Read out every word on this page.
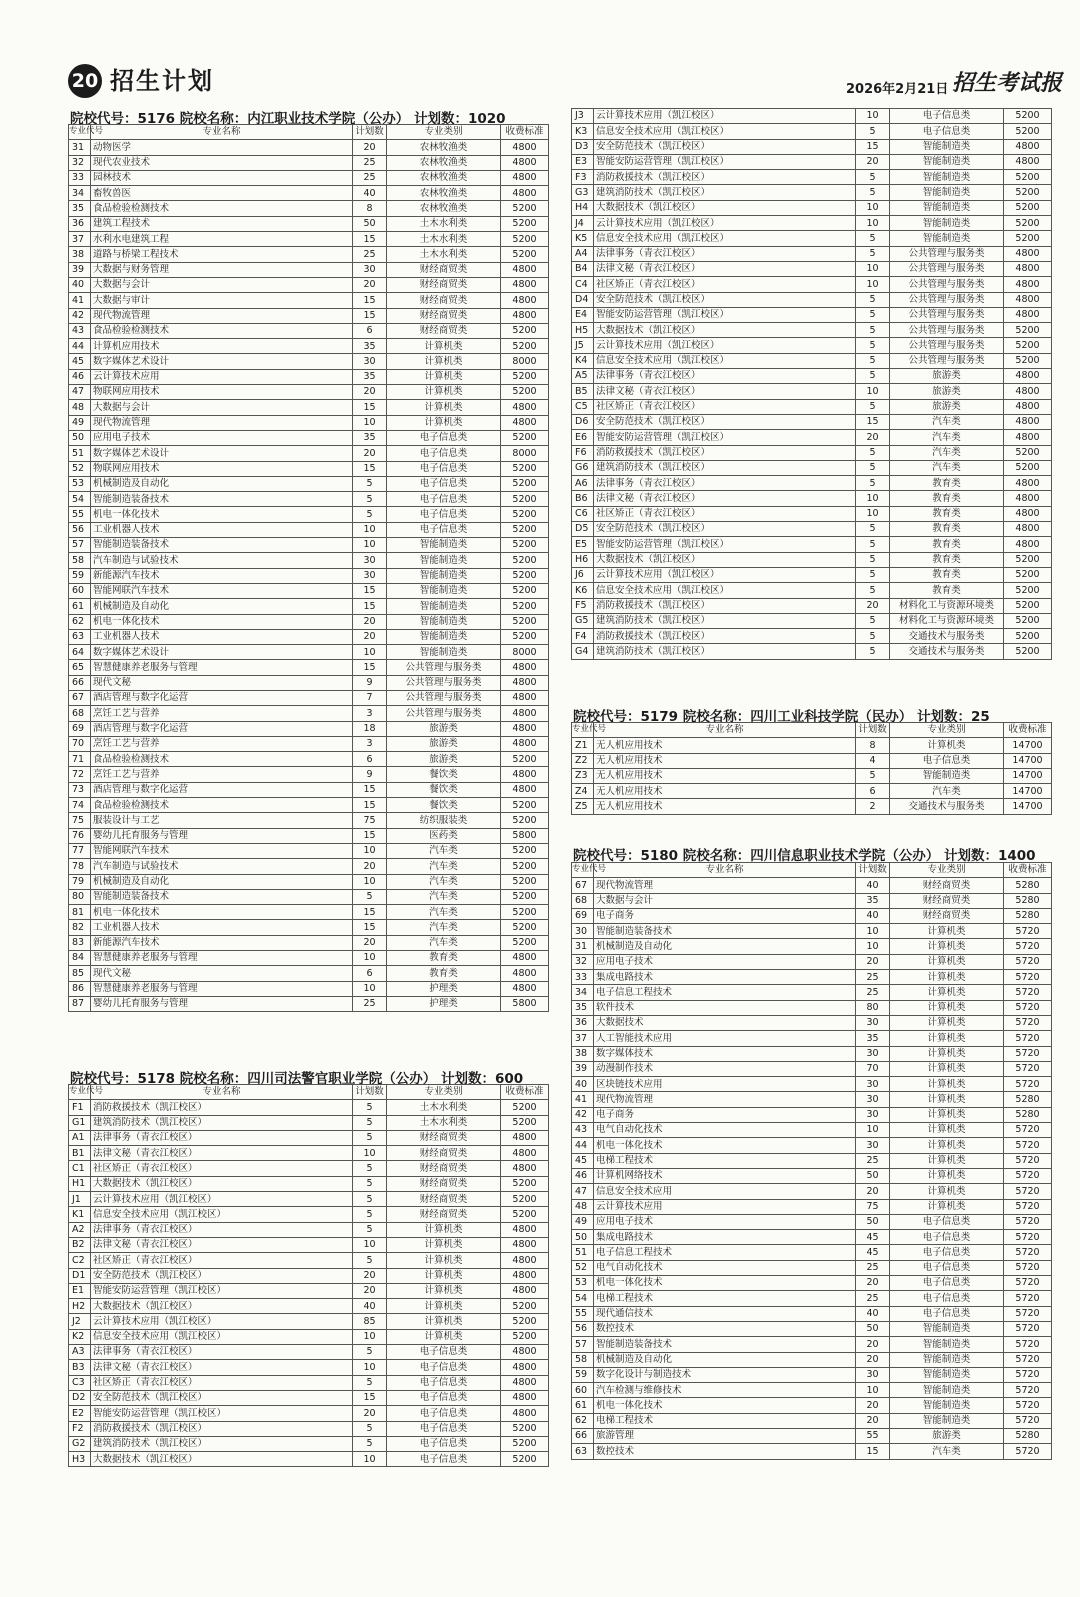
20 招生计划	2026年2月21日 招生考试报
院校代号：5176 院校名称：内江职业技术学院（公办） 计划数：1020
专业代号	专业名称	计划数	专业类别	收费标准
31	动物医学	20	农林牧渔类	4800
32	现代农业技术	25	农林牧渔类	4800
33	园林技术	25	农林牧渔类	4800
34	畜牧兽医	40	农林牧渔类	4800
35	食品检验检测技术	8	农林牧渔类	5200
36	建筑工程技术	50	土木水利类	5200
37	水利水电建筑工程	15	土木水利类	5200
38	道路与桥梁工程技术	25	土木水利类	5200
39	大数据与财务管理	30	财经商贸类	4800
40	大数据与会计	20	财经商贸类	4800
41	大数据与审计	15	财经商贸类	4800
42	现代物流管理	15	财经商贸类	4800
43	食品检验检测技术	6	财经商贸类	5200
44	计算机应用技术	35	计算机类	5200
45	数字媒体艺术设计	30	计算机类	8000
46	云计算技术应用	35	计算机类	5200
47	物联网应用技术	20	计算机类	5200
48	大数据与会计	15	计算机类	4800
49	现代物流管理	10	计算机类	4800
50	应用电子技术	35	电子信息类	5200
51	数字媒体艺术设计	20	电子信息类	8000
52	物联网应用技术	15	电子信息类	5200
53	机械制造及自动化	5	电子信息类	5200
54	智能制造装备技术	5	电子信息类	5200
55	机电一体化技术	5	电子信息类	5200
56	工业机器人技术	10	电子信息类	5200
57	智能制造装备技术	10	智能制造类	5200
58	汽车制造与试验技术	30	智能制造类	5200
59	新能源汽车技术	30	智能制造类	5200
60	智能网联汽车技术	15	智能制造类	5200
61	机械制造及自动化	15	智能制造类	5200
62	机电一体化技术	20	智能制造类	5200
63	工业机器人技术	20	智能制造类	5200
64	数字媒体艺术设计	10	智能制造类	8000
65	智慧健康养老服务与管理	15	公共管理与服务类	4800
66	现代文秘	9	公共管理与服务类	4800
67	酒店管理与数字化运营	7	公共管理与服务类	4800
68	烹饪工艺与营养	3	公共管理与服务类	4800
69	酒店管理与数字化运营	18	旅游类	4800
70	烹饪工艺与营养	3	旅游类	4800
71	食品检验检测技术	6	旅游类	5200
72	烹饪工艺与营养	9	餐饮类	4800
73	酒店管理与数字化运营	15	餐饮类	4800
74	食品检验检测技术	15	餐饮类	5200
75	服装设计与工艺	75	纺织服装类	5200
76	婴幼儿托育服务与管理	15	医药类	5800
77	智能网联汽车技术	10	汽车类	5200
78	汽车制造与试验技术	20	汽车类	5200
79	机械制造及自动化	10	汽车类	5200
80	智能制造装备技术	5	汽车类	5200
81	机电一体化技术	15	汽车类	5200
82	工业机器人技术	15	汽车类	5200
83	新能源汽车技术	20	汽车类	5200
84	智慧健康养老服务与管理	10	教育类	4800
85	现代文秘	6	教育类	4800
86	智慧健康养老服务与管理	10	护理类	4800
87	婴幼儿托育服务与管理	25	护理类	5800
院校代号：5178 院校名称：四川司法警官职业学院（公办） 计划数：600
专业代号	专业名称	计划数	专业类别	收费标准
F1	消防救援技术（凯江校区）	5	土木水利类	5200
G1	建筑消防技术（凯江校区）	5	土木水利类	5200
A1	法律事务（青衣江校区）	5	财经商贸类	4800
B1	法律文秘（青衣江校区）	10	财经商贸类	4800
C1	社区矫正（青衣江校区）	5	财经商贸类	4800
H1	大数据技术（凯江校区）	5	财经商贸类	5200
J1	云计算技术应用（凯江校区）	5	财经商贸类	5200
K1	信息安全技术应用（凯江校区）	5	财经商贸类	5200
A2	法律事务（青衣江校区）	5	计算机类	4800
B2	法律文秘（青衣江校区）	10	计算机类	4800
C2	社区矫正（青衣江校区）	5	计算机类	4800
D1	安全防范技术（凯江校区）	20	计算机类	4800
E1	智能安防运营管理（凯江校区）	20	计算机类	4800
H2	大数据技术（凯江校区）	40	计算机类	5200
J2	云计算技术应用（凯江校区）	85	计算机类	5200
K2	信息安全技术应用（凯江校区）	10	计算机类	5200
A3	法律事务（青衣江校区）	5	电子信息类	4800
B3	法律文秘（青衣江校区）	10	电子信息类	4800
C3	社区矫正（青衣江校区）	5	电子信息类	4800
D2	安全防范技术（凯江校区）	15	电子信息类	4800
E2	智能安防运营管理（凯江校区）	20	电子信息类	4800
F2	消防救援技术（凯江校区）	5	电子信息类	5200
G2	建筑消防技术（凯江校区）	5	电子信息类	5200
H3	大数据技术（凯江校区）	10	电子信息类	5200
J3	云计算技术应用（凯江校区）	10	电子信息类	5200
K3	信息安全技术应用（凯江校区）	5	电子信息类	5200
D3	安全防范技术（凯江校区）	15	智能制造类	4800
E3	智能安防运营管理（凯江校区）	20	智能制造类	4800
F3	消防救援技术（凯江校区）	5	智能制造类	5200
G3	建筑消防技术（凯江校区）	5	智能制造类	5200
H4	大数据技术（凯江校区）	10	智能制造类	5200
J4	云计算技术应用（凯江校区）	10	智能制造类	5200
K5	信息安全技术应用（凯江校区）	5	智能制造类	5200
A4	法律事务（青衣江校区）	5	公共管理与服务类	4800
B4	法律文秘（青衣江校区）	10	公共管理与服务类	4800
C4	社区矫正（青衣江校区）	10	公共管理与服务类	4800
D4	安全防范技术（凯江校区）	5	公共管理与服务类	4800
E4	智能安防运营管理（凯江校区）	5	公共管理与服务类	4800
H5	大数据技术（凯江校区）	5	公共管理与服务类	5200
J5	云计算技术应用（凯江校区）	5	公共管理与服务类	5200
K4	信息安全技术应用（凯江校区）	5	公共管理与服务类	5200
A5	法律事务（青衣江校区）	5	旅游类	4800
B5	法律文秘（青衣江校区）	10	旅游类	4800
C5	社区矫正（青衣江校区）	5	旅游类	4800
D6	安全防范技术（凯江校区）	15	汽车类	4800
E6	智能安防运营管理（凯江校区）	20	汽车类	4800
F6	消防救援技术（凯江校区）	5	汽车类	5200
G6	建筑消防技术（凯江校区）	5	汽车类	5200
A6	法律事务（青衣江校区）	5	教育类	4800
B6	法律文秘（青衣江校区）	10	教育类	4800
C6	社区矫正（青衣江校区）	10	教育类	4800
D5	安全防范技术（凯江校区）	5	教育类	4800
E5	智能安防运营管理（凯江校区）	5	教育类	4800
H6	大数据技术（凯江校区）	5	教育类	5200
J6	云计算技术应用（凯江校区）	5	教育类	5200
K6	信息安全技术应用（凯江校区）	5	教育类	5200
F5	消防救援技术（凯江校区）	20	材料化工与资源环境类	5200
G5	建筑消防技术（凯江校区）	5	材料化工与资源环境类	5200
F4	消防救援技术（凯江校区）	5	交通技术与服务类	5200
G4	建筑消防技术（凯江校区）	5	交通技术与服务类	5200
院校代号：5179 院校名称：四川工业科技学院（民办） 计划数：25
专业代号	专业名称	计划数	专业类别	收费标准
Z1	无人机应用技术	8	计算机类	14700
Z2	无人机应用技术	4	电子信息类	14700
Z3	无人机应用技术	5	智能制造类	14700
Z4	无人机应用技术	6	汽车类	14700
Z5	无人机应用技术	2	交通技术与服务类	14700
院校代号：5180 院校名称：四川信息职业技术学院（公办） 计划数：1400
专业代号	专业名称	计划数	专业类别	收费标准
67	现代物流管理	40	财经商贸类	5280
68	大数据与会计	35	财经商贸类	5280
69	电子商务	40	财经商贸类	5280
30	智能制造装备技术	10	计算机类	5720
31	机械制造及自动化	10	计算机类	5720
32	应用电子技术	20	计算机类	5720
33	集成电路技术	25	计算机类	5720
34	电子信息工程技术	25	计算机类	5720
35	软件技术	80	计算机类	5720
36	大数据技术	30	计算机类	5720
37	人工智能技术应用	35	计算机类	5720
38	数字媒体技术	30	计算机类	5720
39	动漫制作技术	70	计算机类	5720
40	区块链技术应用	30	计算机类	5720
41	现代物流管理	30	计算机类	5280
42	电子商务	30	计算机类	5280
43	电气自动化技术	10	计算机类	5720
44	机电一体化技术	30	计算机类	5720
45	电梯工程技术	25	计算机类	5720
46	计算机网络技术	50	计算机类	5720
47	信息安全技术应用	20	计算机类	5720
48	云计算技术应用	75	计算机类	5720
49	应用电子技术	50	电子信息类	5720
50	集成电路技术	45	电子信息类	5720
51	电子信息工程技术	45	电子信息类	5720
52	电气自动化技术	25	电子信息类	5720
53	机电一体化技术	20	电子信息类	5720
54	电梯工程技术	25	电子信息类	5720
55	现代通信技术	40	电子信息类	5720
56	数控技术	50	智能制造类	5720
57	智能制造装备技术	20	智能制造类	5720
58	机械制造及自动化	20	智能制造类	5720
59	数字化设计与制造技术	30	智能制造类	5720
60	汽车检测与维修技术	10	智能制造类	5720
61	机电一体化技术	20	智能制造类	5720
62	电梯工程技术	20	智能制造类	5720
66	旅游管理	55	旅游类	5280
63	数控技术	15	汽车类	5720
